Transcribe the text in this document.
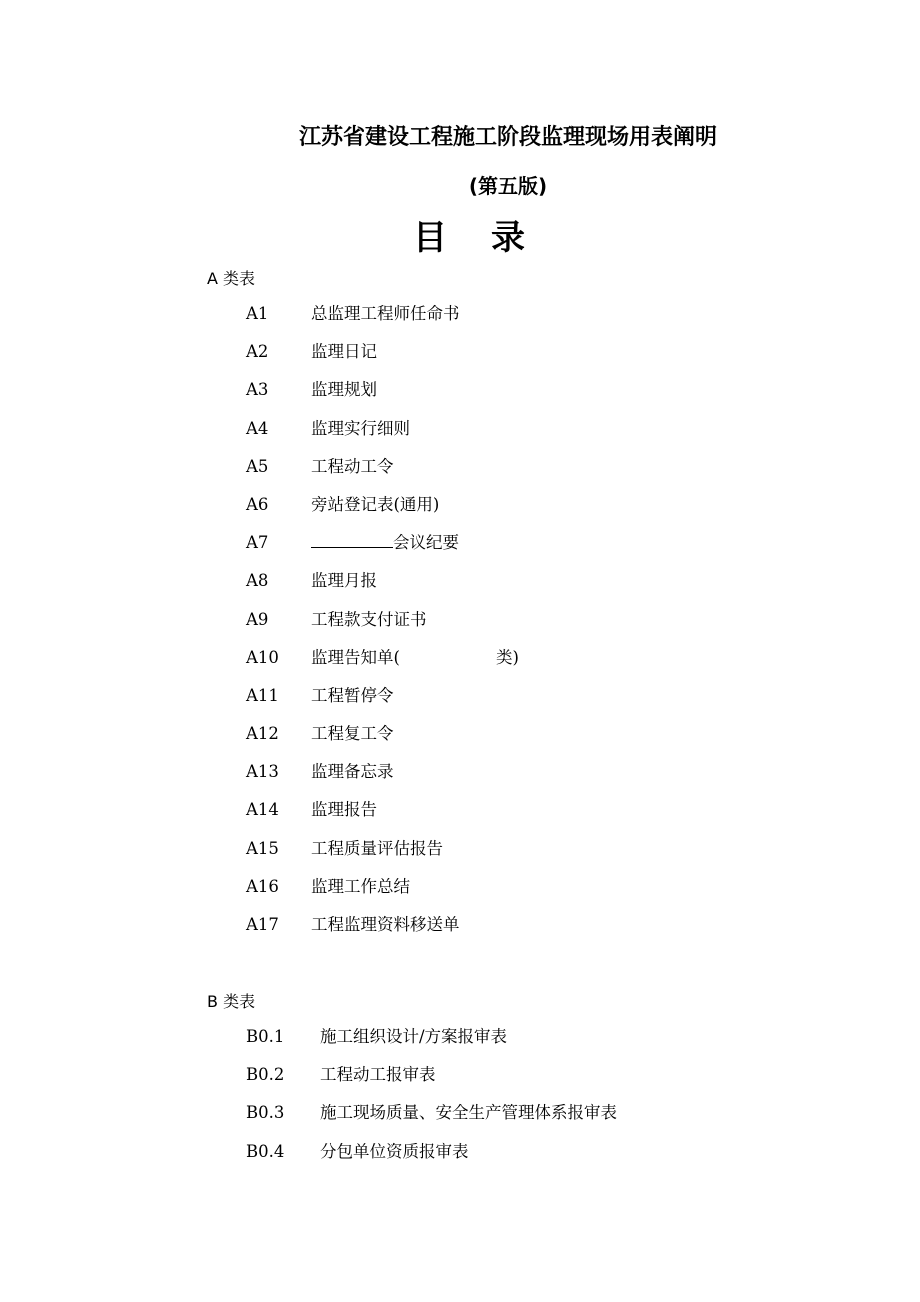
江苏省建设工程施工阶段监理现场用表阐明
(第五版)
目录
A 类表
A1	总监理工程师任命书
A2	监理日记
A3	监理规划
A4	监理实行细则
A5	工程动工令
A6	旁站登记表(通用)
A7	会议纪要
A8	监理月报
A9	工程款支付证书
A10 监理告知单(	类)
A11 工程暂停令
A12 工程复工令
A13 监理备忘录
A14 监理报告
A15 工程质量评估报告
A16 监理工作总结
A17 工程监理资料移送单
B 类表
B0.1 施工组织设计/方案报审表
B0.2 工程动工报审表
B0.3 施工现场质量、安全生产管理体系报审表
B0.4 分包单位资质报审表
